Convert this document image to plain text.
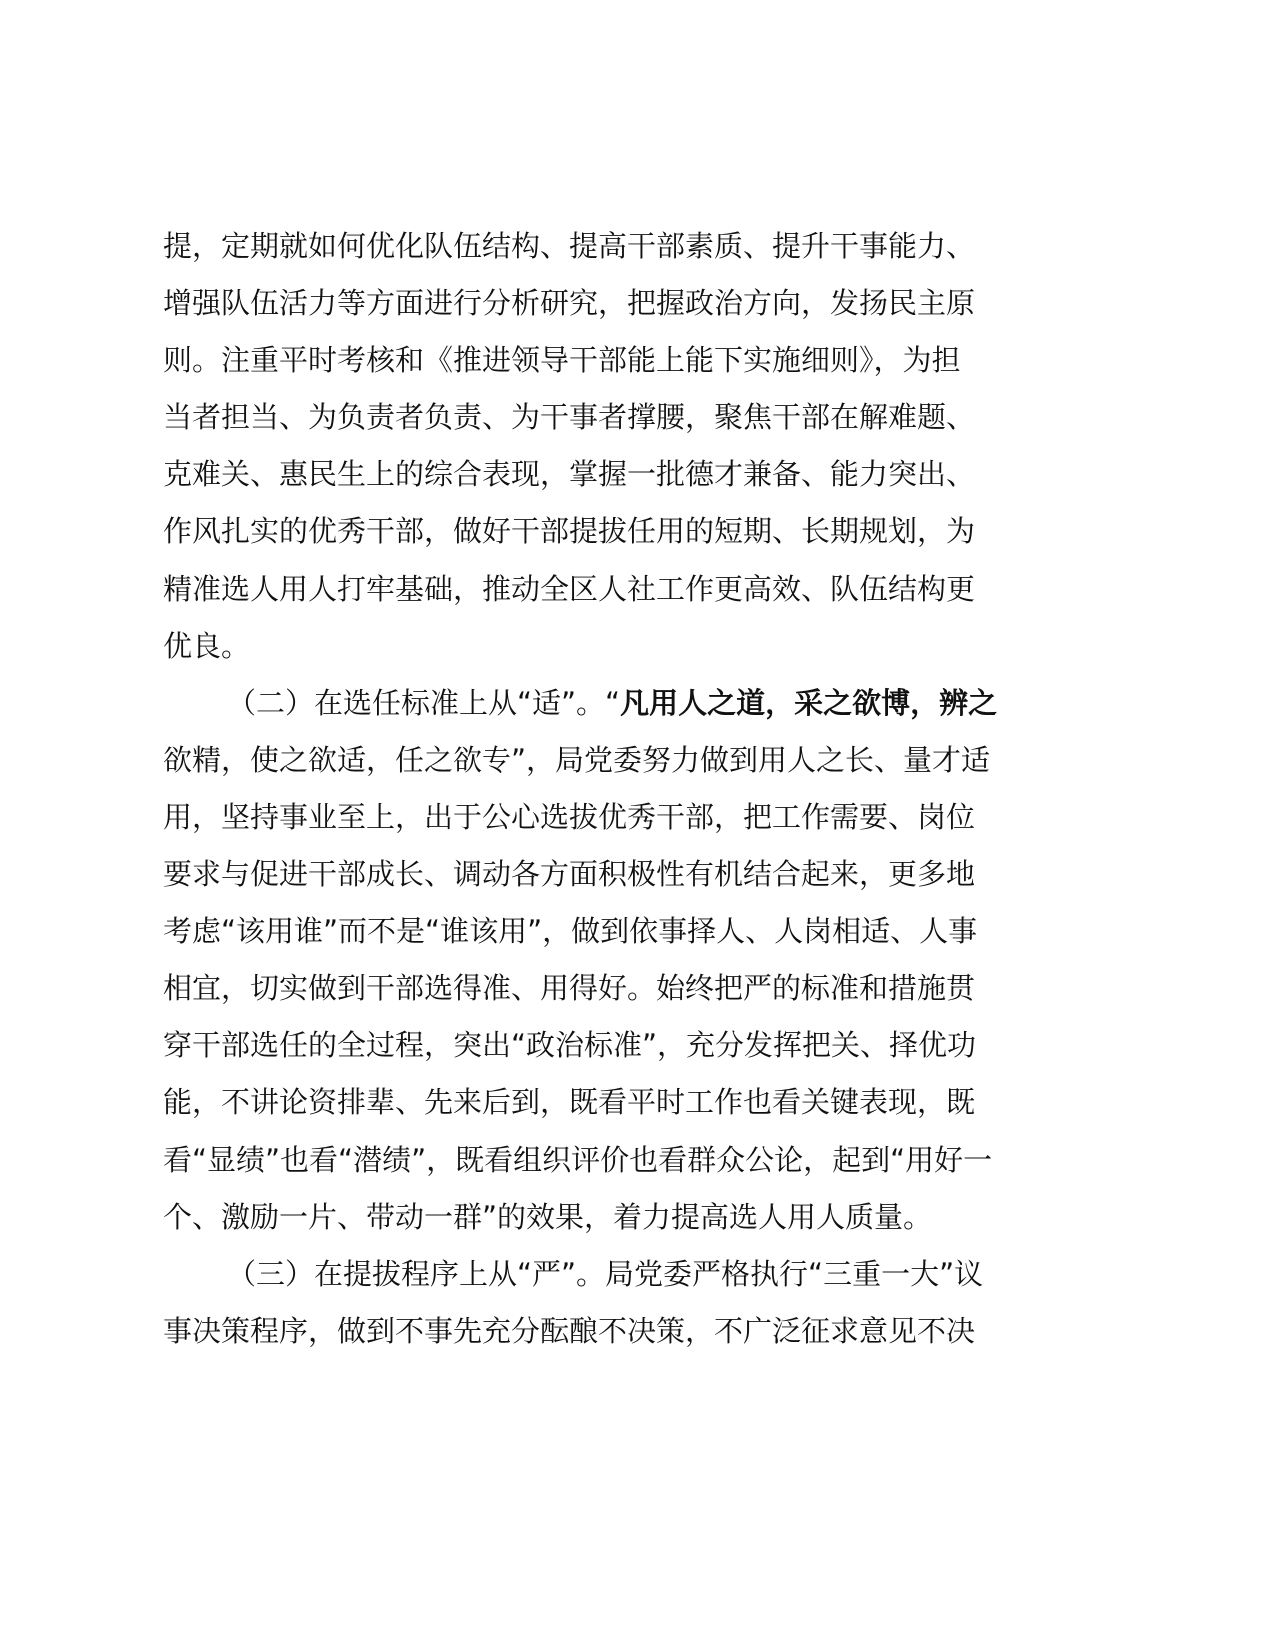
提，定期就如何优化队伍结构、提高干部素质、提升干事能力、
增强队伍活力等方面进行分析研究，把握政治方向，发扬民主原
则。注重平时考核和《推进领导干部能上能下实施细则》，为担
当者担当、为负责者负责、为干事者撑腰，聚焦干部在解难题、
克难关、惠民生上的综合表现，掌握一批德才兼备、能力突出、
作风扎实的优秀干部，做好干部提拔任用的短期、长期规划，为
精准选人用人打牢基础，推动全区人社工作更高效、队伍结构更
优良。
（二）在选任标准上从“适”。“凡用人之道，采之欲博，辨之
欲精，使之欲适，任之欲专”，局党委努力做到用人之长、量才适
用，坚持事业至上，出于公心选拔优秀干部，把工作需要、岗位
要求与促进干部成长、调动各方面积极性有机结合起来，更多地
考虑“该用谁”而不是“谁该用”，做到依事择人、人岗相适、人事
相宜，切实做到干部选得准、用得好。始终把严的标准和措施贯
穿干部选任的全过程，突出“政治标准”，充分发挥把关、择优功
能，不讲论资排辈、先来后到，既看平时工作也看关键表现，既
看“显绩”也看“潜绩”，既看组织评价也看群众公论，起到“用好一
个、激励一片、带动一群”的效果，着力提高选人用人质量。
（三）在提拔程序上从“严”。局党委严格执行“三重一大”议
事决策程序，做到不事先充分酝酿不决策，不广泛征求意见不决
